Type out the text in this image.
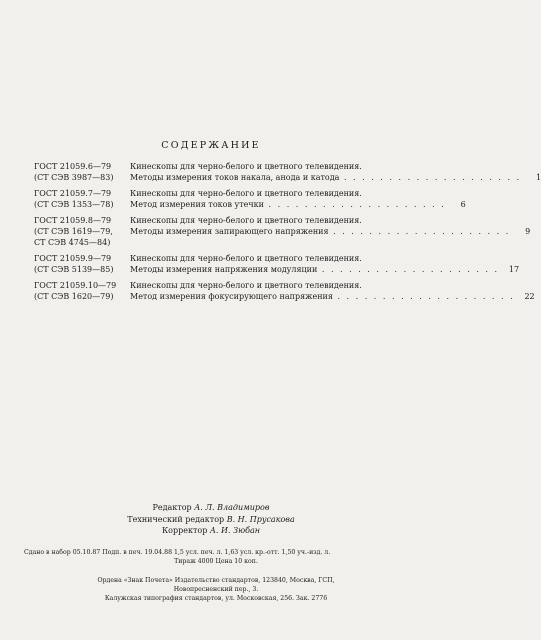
СОДЕРЖАНИЕ
ГОСТ 21059.6—79	Кинескопы для черно-белого и цветного телевидения.
(СТ СЭВ 3987—83)	Методы измерения токов накала, анода и катода . . . . . . . . . . . . . . . . . . . .	1
ГОСТ 21059.7—79	Кинескопы для черно-белого и цветного телевидения.
(СТ СЭВ 1353—78)	Метод измерения токов утечки . . . . . . . . . . . . . . . . . . . .	6
ГОСТ 21059.8—79	Кинескопы для черно-белого и цветного телевидения.
(СТ СЭВ 1619—79,	Методы измерения запирающего напряжения . . . . . . . . . . . . . . . . . . . .	9
СТ СЭВ 4745—84)
ГОСТ 21059.9—79	Кинескопы для черно-белого и цветного телевидения.
(СТ СЭВ 5139—85)	Методы измерения напряжения модуляции . . . . . . . . . . . . . . . . . . . .	17
ГОСТ 21059.10—79	Кинескопы для черно-белого и цветного телевидения.
(СТ СЭВ 1620—79)	Метод измерения фокусирующего напряжения . . . . . . . . . . . . . . . . . . . .	22
Редактор А. Л. Владимиров
Технический редактор В. Н. Прусакова
Корректор А. И. Зюбан
Сдано в набор 05.10.87 Подп. в печ. 19.04.88 1,5 усл. печ. л. 1,63 усл. кр.-отт. 1,50 уч.-изд. л.
Тираж 4000 Цена 10 коп.
Ордена «Знак Почета» Издательство стандартов, 123840, Москва, ГСП,
Новопресненский пер., 3.
Калужская типография стандартов, ул. Московская, 256. Зак. 2776
